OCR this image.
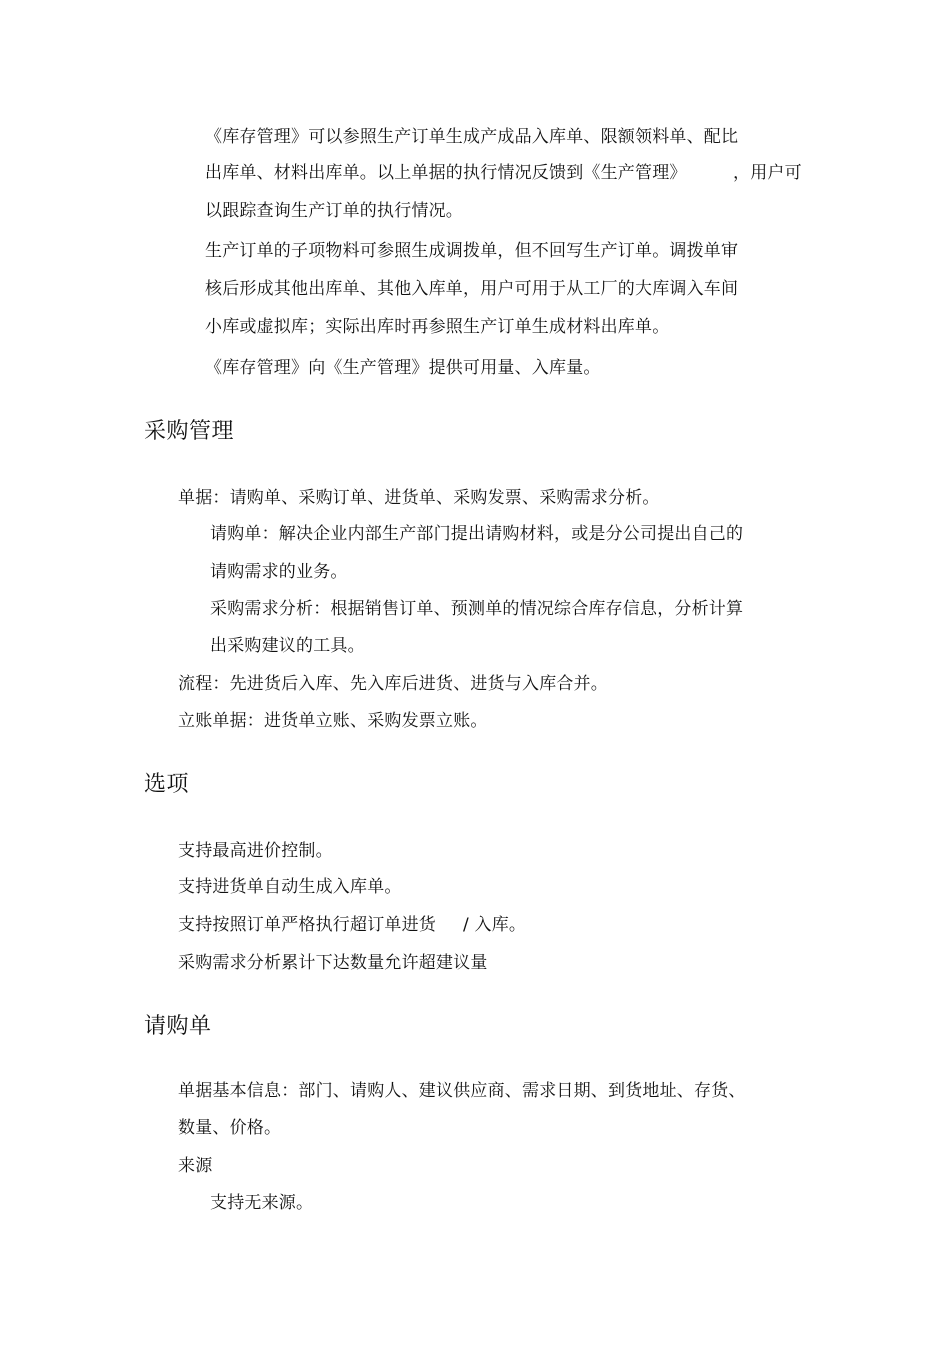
《库存管理》可以参照生产订单生成产成品入库单、限额领料单、配比
出库单、材料出库单。以上单据的执行情况反馈到《生产管理》	，用户可
以跟踪查询生产订单的执行情况。
生产订单的子项物料可参照生成调拨单，但不回写生产订单。调拨单审
核后形成其他出库单、其他入库单，用户可用于从工厂的大库调入车间
小库或虚拟库；实际出库时再参照生产订单生成材料出库单。
《库存管理》向《生产管理》提供可用量、入库量。
采购管理
单据：请购单、采购订单、进货单、采购发票、采购需求分析。
请购单：解决企业内部生产部门提出请购材料，或是分公司提出自己的
请购需求的业务。
采购需求分析：根据销售订单、预测单的情况综合库存信息，分析计算
出采购建议的工具。
流程：先进货后入库、先入库后进货、进货与入库合并。
立账单据：进货单立账、采购发票立账。
选项
支持最高进价控制。
支持进货单自动生成入库单。
支持按照订单严格执行超订单进货 / 入库。
采购需求分析累计下达数量允许超建议量
请购单
单据基本信息：部门、请购人、建议供应商、需求日期、到货地址、存货、
数量、价格。
来源
支持无来源。
